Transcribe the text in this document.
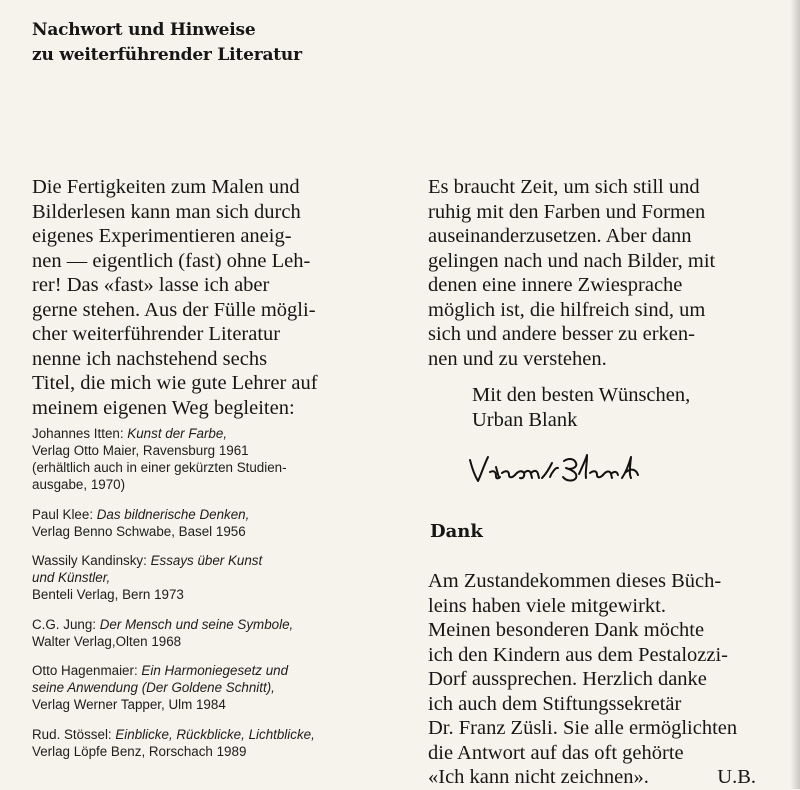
Nachwort und Hinweise
zu weiterführender Literatur
Die Fertigkeiten zum Malen und
Bilderlesen kann man sich durch
eigenes Experimentieren aneig-
nen — eigentlich (fast) ohne Leh-
rer! Das «fast» lasse ich aber
gerne stehen. Aus der Fülle mögli-
cher weiterführender Literatur
nenne ich nachstehend sechs
Titel, die mich wie gute Lehrer auf
meinem eigenen Weg begleiten:
Johannes Itten: Kunst der Farbe,
Verlag Otto Maier, Ravensburg 1961
(erhältlich auch in einer gekürzten Studien-
ausgabe, 1970)
Paul Klee: Das bildnerische Denken,
Verlag Benno Schwabe, Basel 1956
Wassily Kandinsky: Essays über Kunst
und Künstler,
Benteli Verlag, Bern 1973
C.G. Jung: Der Mensch und seine Symbole,
Walter Verlag,Olten 1968
Otto Hagenmaier: Ein Harmoniegesetz und
seine Anwendung (Der Goldene Schnitt),
Verlag Werner Tapper, Ulm 1984
Rud. Stössel: Einblicke, Rückblicke, Lichtblicke,
Verlag Löpfe Benz, Rorschach 1989
Es braucht Zeit, um sich still und
ruhig mit den Farben und Formen
auseinanderzusetzen. Aber dann
gelingen nach und nach Bilder, mit
denen eine innere Zwiesprache
möglich ist, die hilfreich sind, um
sich und andere besser zu erken-
nen und zu verstehen.
Mit den besten Wünschen,
Urban Blank
Dank
Am Zustandekommen dieses Büch-
leins haben viele mitgewirkt.
Meinen besonderen Dank möchte
ich den Kindern aus dem Pestalozzi-
Dorf aussprechen. Herzlich danke
ich auch dem Stiftungssekretär
Dr. Franz Züsli. Sie alle ermöglichten
die Antwort auf das oft gehörte
«Ich kann nicht zeichnen».	U.B.
